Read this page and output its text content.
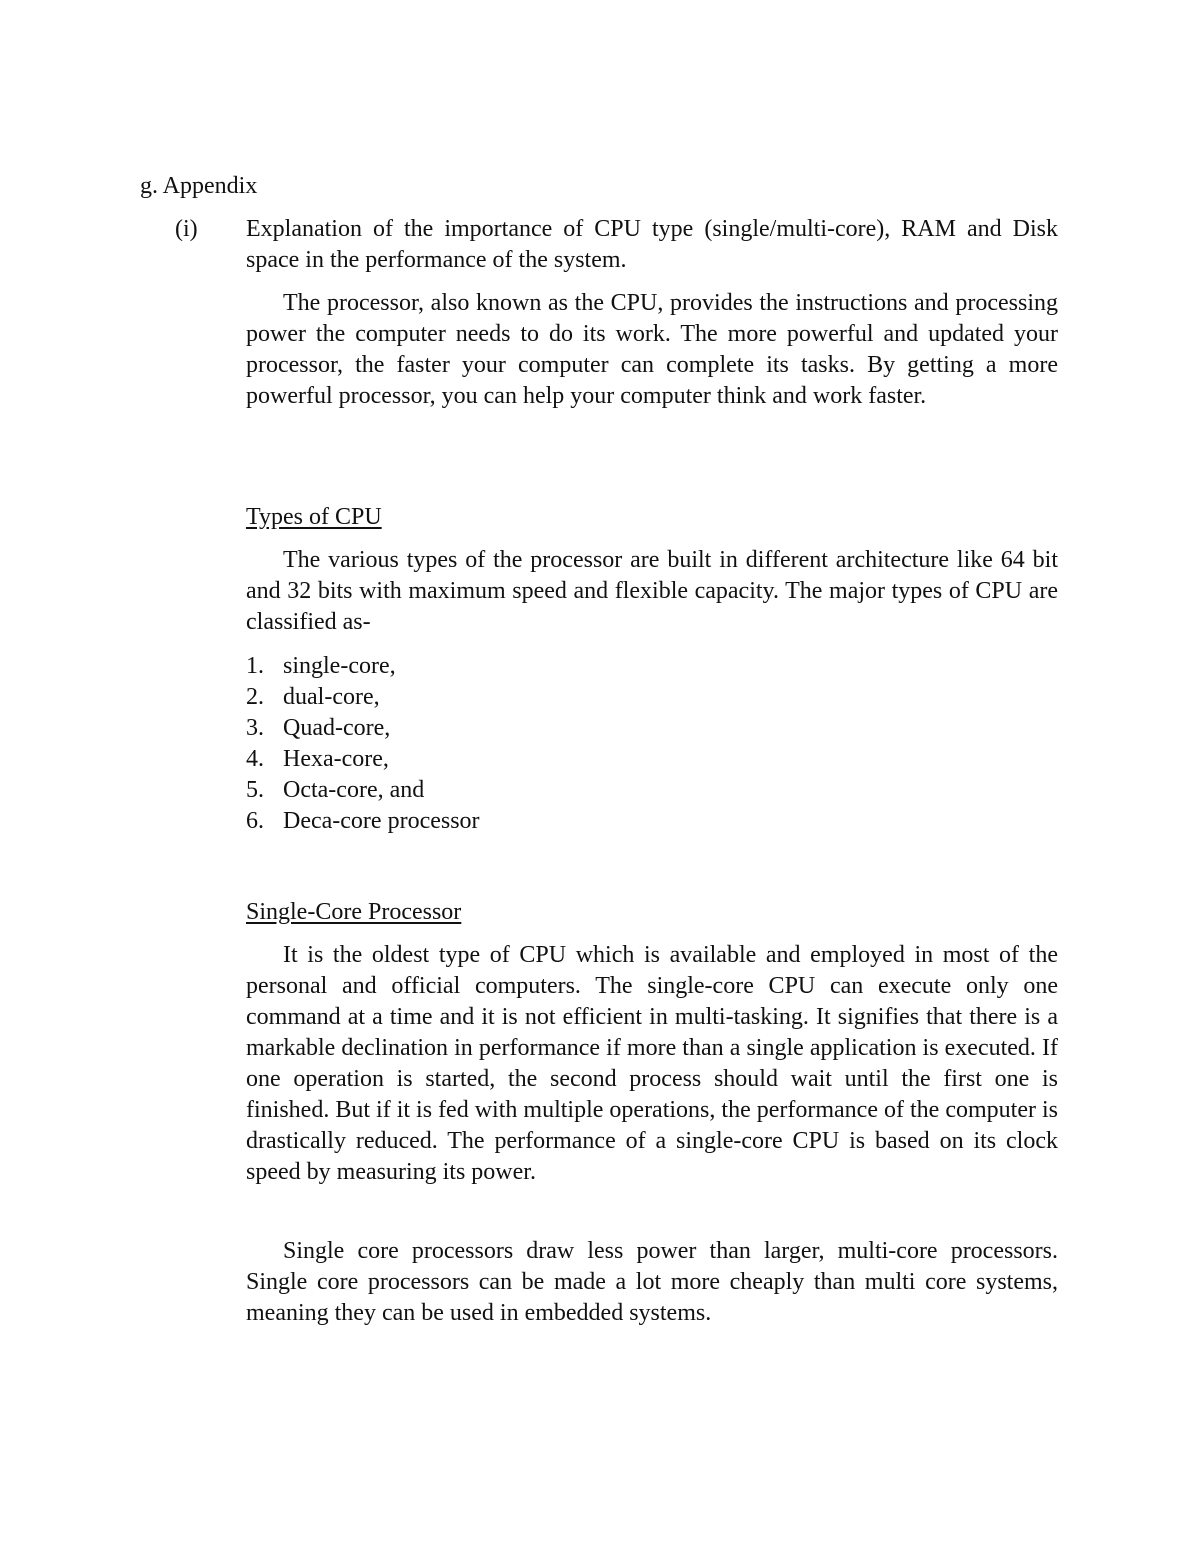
g. Appendix
(i) Explanation of the importance of CPU type (single/multi-core), RAM and Disk space in the performance of the system.

The processor, also known as the CPU, provides the instructions and processing power the computer needs to do its work. The more powerful and updated your processor, the faster your computer can complete its tasks. By getting a more powerful processor, you can help your computer think and work faster.

Types of CPU

The various types of the processor are built in different architecture like 64 bit and 32 bits with maximum speed and flexible capacity. The major types of CPU are classified as-

1. single-core,
2. dual-core,
3. Quad-core,
4. Hexa-core,
5. Octa-core, and
6. Deca-core processor

Single-Core Processor

It is the oldest type of CPU which is available and employed in most of the personal and official computers. The single-core CPU can execute only one command at a time and it is not efficient in multi-tasking. It signifies that there is a markable declination in performance if more than a single application is executed. If one operation is started, the second process should wait until the first one is finished. But if it is fed with multiple operations, the performance of the computer is drastically reduced. The performance of a single-core CPU is based on its clock speed by measuring its power.

Single core processors draw less power than larger, multi-core processors. Single core processors can be made a lot more cheaply than multi core systems, meaning they can be used in embedded systems.
